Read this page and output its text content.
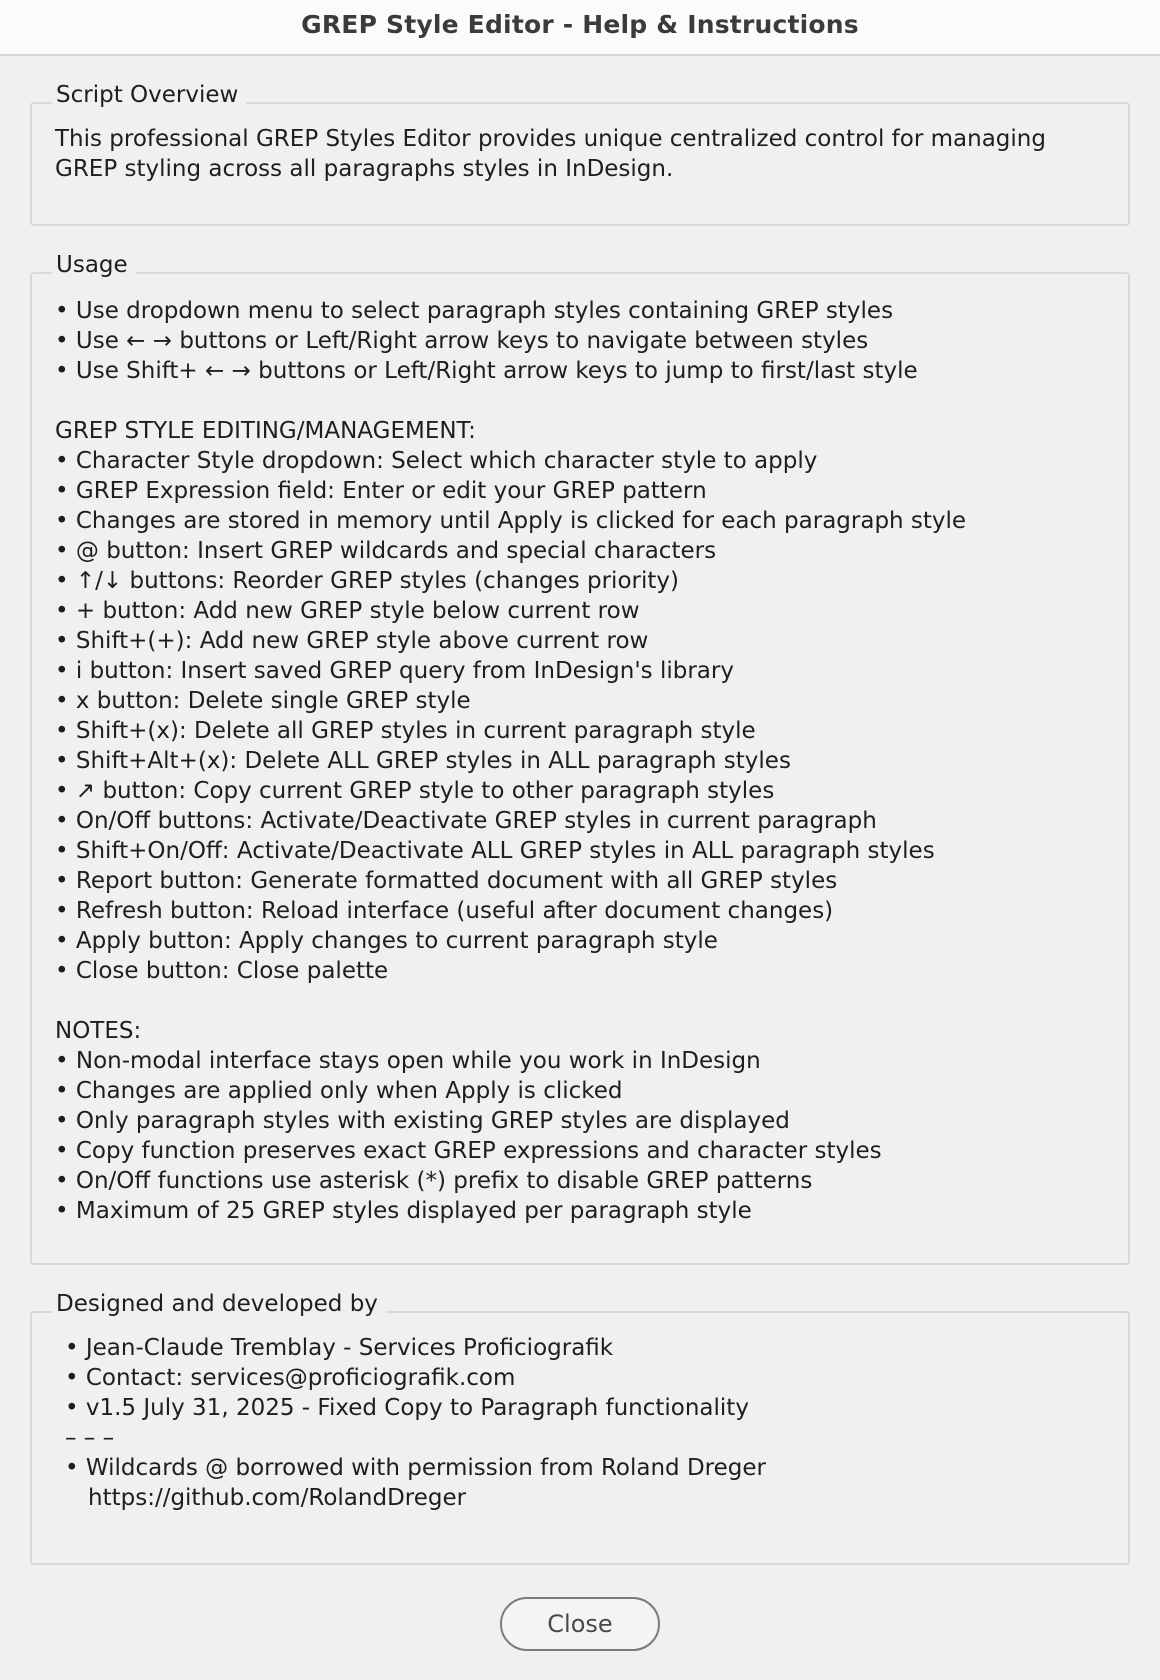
GREP Style Editor - Help & Instructions
Script Overview
This professional GREP Styles Editor provides unique centralized control for managing
GREP styling across all paragraphs styles in InDesign.
Usage
• Use dropdown menu to select paragraph styles containing GREP styles
• Use ← → buttons or Left/Right arrow keys to navigate between styles
• Use Shift+ ← → buttons or Left/Right arrow keys to jump to first/last style
GREP STYLE EDITING/MANAGEMENT:
• Character Style dropdown: Select which character style to apply
• GREP Expression field: Enter or edit your GREP pattern
• Changes are stored in memory until Apply is clicked for each paragraph style
• @ button: Insert GREP wildcards and special characters
• ↑/↓ buttons: Reorder GREP styles (changes priority)
• + button: Add new GREP style below current row
• Shift+(+): Add new GREP style above current row
• i button: Insert saved GREP query from InDesign's library
• x button: Delete single GREP style
• Shift+(x): Delete all GREP styles in current paragraph style
• Shift+Alt+(x): Delete ALL GREP styles in ALL paragraph styles
• ↗ button: Copy current GREP style to other paragraph styles
• On/Off buttons: Activate/Deactivate GREP styles in current paragraph
• Shift+On/Off: Activate/Deactivate ALL GREP styles in ALL paragraph styles
• Report button: Generate formatted document with all GREP styles
• Refresh button: Reload interface (useful after document changes)
• Apply button: Apply changes to current paragraph style
• Close button: Close palette
NOTES:
• Non-modal interface stays open while you work in InDesign
• Changes are applied only when Apply is clicked
• Only paragraph styles with existing GREP styles are displayed
• Copy function preserves exact GREP expressions and character styles
• On/Off functions use asterisk (*) prefix to disable GREP patterns
• Maximum of 25 GREP styles displayed per paragraph style
Designed and developed by
• Jean-Claude Tremblay - Services Proficiografik
• Contact: services@proficiografik.com
• v1.5 July 31, 2025 - Fixed Copy to Paragraph functionality
– – –
• Wildcards @ borrowed with permission from Roland Dreger
https://github.com/RolandDreger
Close
